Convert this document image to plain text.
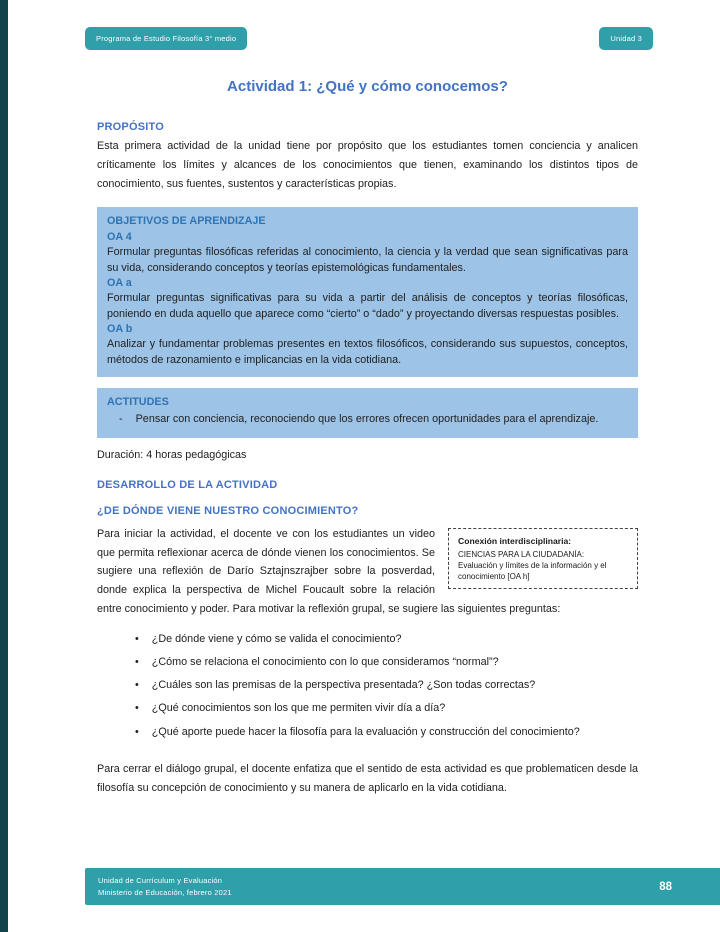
Programa de Estudio Filosofía 3° medio	Unidad 3
Actividad 1: ¿Qué y cómo conocemos?
PROPÓSITO

Esta primera actividad de la unidad tiene por propósito que los estudiantes tomen conciencia y analicen críticamente los límites y alcances de los conocimientos que tienen, examinando los distintos tipos de conocimiento, sus fuentes, sustentos y características propias.

OBJETIVOS DE APRENDIZAJE
OA 4
Formular preguntas filosóficas referidas al conocimiento, la ciencia y la verdad que sean significativas para su vida, considerando conceptos y teorías epistemológicas fundamentales.
OA a
Formular preguntas significativas para su vida a partir del análisis de conceptos y teorías filosóficas, poniendo en duda aquello que aparece como “cierto” o “dado” y proyectando diversas respuestas posibles.
OA b
Analizar y fundamentar problemas presentes en textos filosóficos, considerando sus supuestos, conceptos, métodos de razonamiento e implicancias en la vida cotidiana.
ACTITUDES
- Pensar con conciencia, reconociendo que los errores ofrecen oportunidades para el aprendizaje.
Duración: 4 horas pedagógicas
DESARROLLO DE LA ACTIVIDAD
¿DE DÓNDE VIENE NUESTRO CONOCIMIENTO?
Conexión interdisciplinaria:
CIENCIAS PARA LA CIUDADANÍA:
Evaluación y límites de la información y el conocimiento [OA h]

Para iniciar la actividad, el docente ve con los estudiantes un video que permita reflexionar acerca de dónde vienen los conocimientos. Se sugiere una reflexión de Darío Sztajnszrajber sobre la posverdad, donde explica la perspectiva de Michel Foucault sobre la relación entre conocimiento y poder. Para motivar la reflexión grupal, se sugiere las siguientes preguntas:

• ¿De dónde viene y cómo se valida el conocimiento?
• ¿Cómo se relaciona el conocimiento con lo que consideramos “normal”?
• ¿Cuáles son las premisas de la perspectiva presentada? ¿Son todas correctas?
• ¿Qué conocimientos son los que me permiten vivir día a día?
• ¿Qué aporte puede hacer la filosofía para la evaluación y construcción del conocimiento?

Para cerrar el diálogo grupal, el docente enfatiza que el sentido de esta actividad es que problematicen desde la filosofía su concepción de conocimiento y su manera de aplicarlo en la vida cotidiana.

Unidad de Currículum y Evaluación
Ministerio de Educación, febrero 2021	88
